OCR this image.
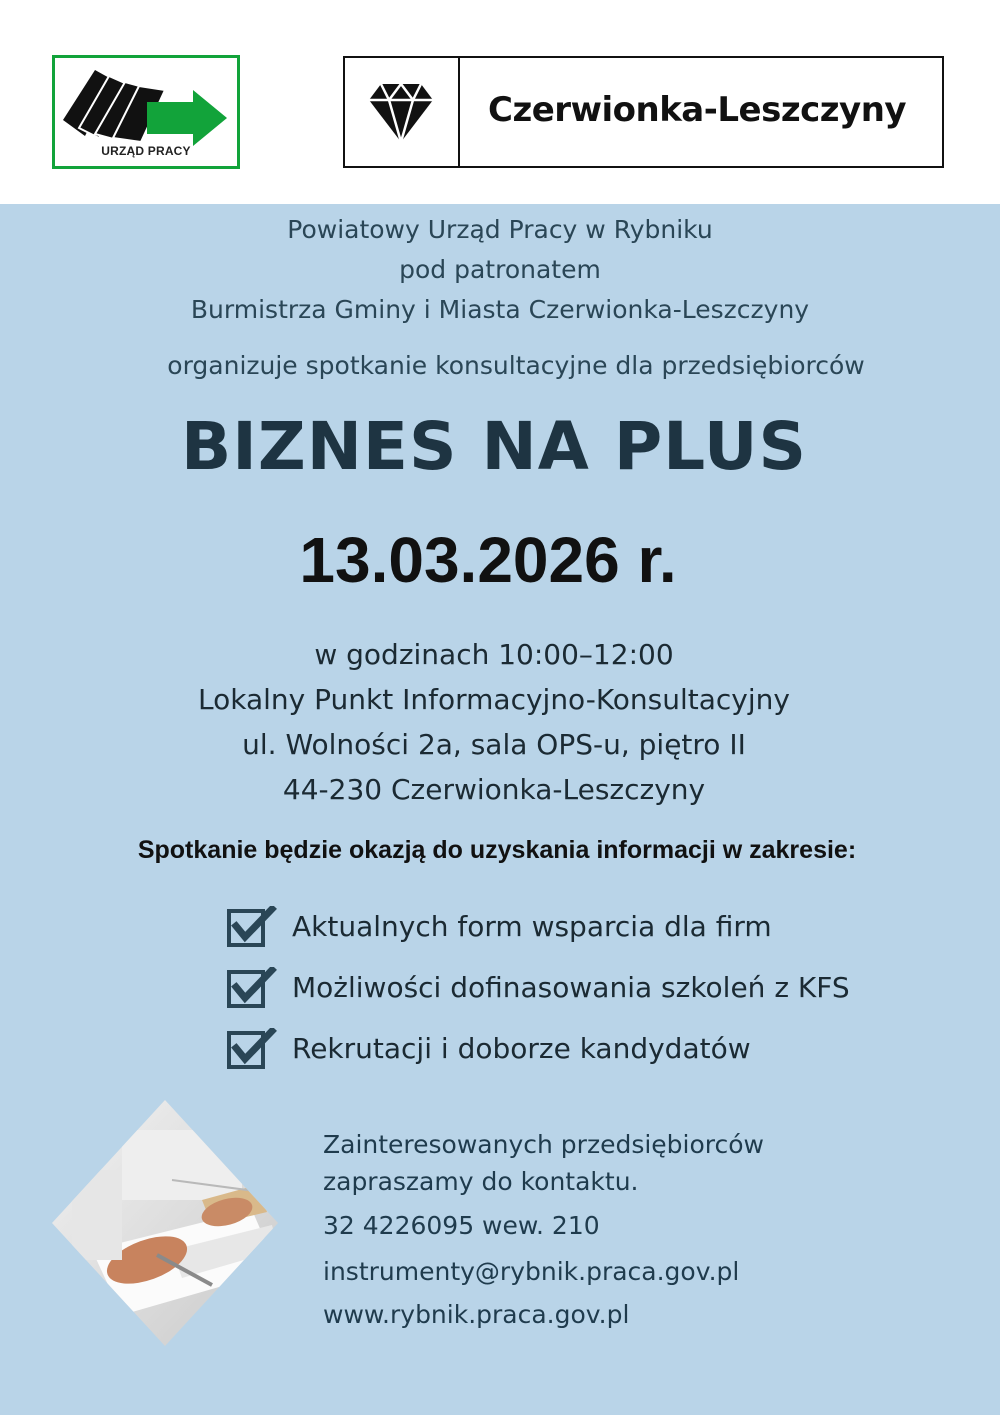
URZĄD PRACY
Czerwionka-Leszczyny
Powiatowy Urząd Pracy w Rybniku
pod patronatem
Burmistrza Gminy i Miasta Czerwionka-Leszczyny
organizuje spotkanie konsultacyjne dla przedsiębiorców
BIZNES NA PLUS
13.03.2026 r.
w godzinach 10:00–12:00
Lokalny Punkt Informacyjno-Konsultacyjny
ul. Wolności 2a, sala OPS-u, piętro II
44-230 Czerwionka-Leszczyny
Spotkanie będzie okazją do uzyskania informacji w zakresie:
Aktualnych form wsparcia dla firm
Możliwości dofinasowania szkoleń z KFS
Rekrutacji i doborze kandydatów
Zainteresowanych przedsiębiorców
zapraszamy do kontaktu.
32 4226095 wew. 210
instrumenty@rybnik.praca.gov.pl
www.rybnik.praca.gov.pl
